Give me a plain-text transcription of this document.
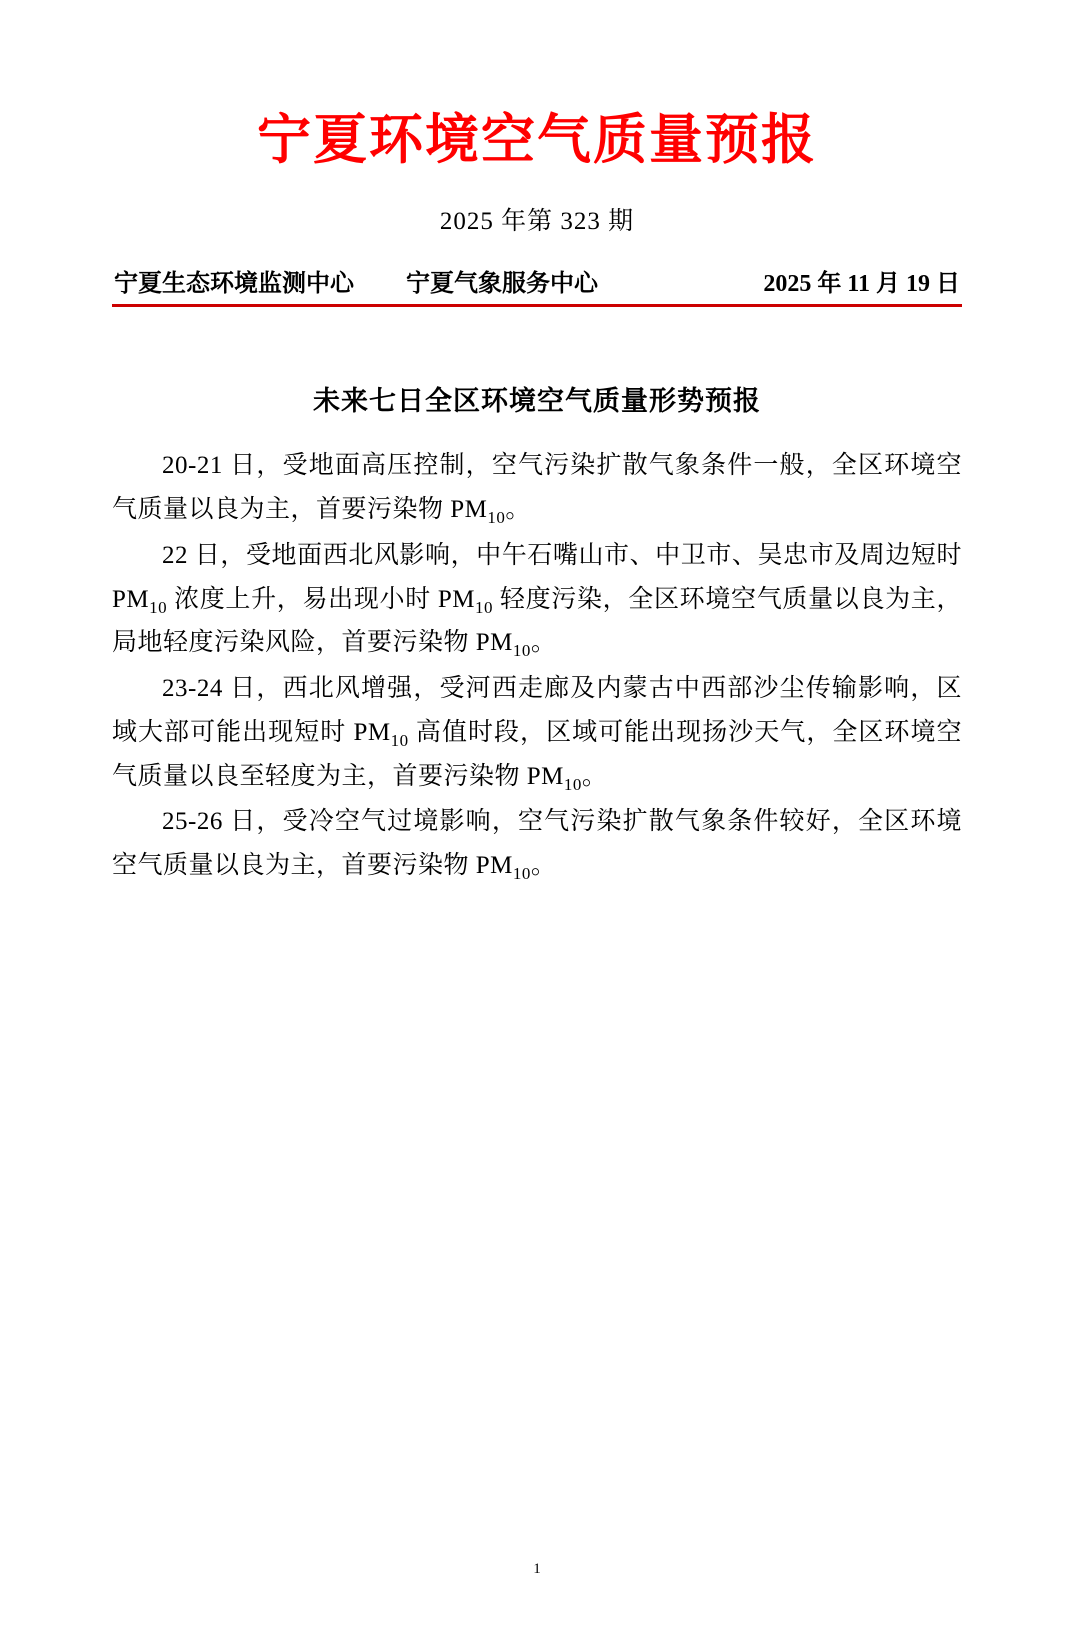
宁夏环境空气质量预报
2025 年第 323 期
宁夏生态环境监测中心 宁夏气象服务中心	2025 年 11 月 19 日
未来七日全区环境空气质量形势预报

20-21 日，受地面高压控制，空气污染扩散气象条件一般，全区环境空气质量以良为主，首要污染物 $PM_{10}$。

22 日，受地面西北风影响，中午石嘴山市、中卫市、吴忠市及周边短时 $PM_{10}$ 浓度上升，易出现小时 $PM_{10}$ 轻度污染，全区环境空气质量以良为主，局地轻度污染风险，首要污染物 $PM_{10}$。

23-24 日，西北风增强，受河西走廊及内蒙古中西部沙尘传输影响，区域大部可能出现短时 $PM_{10}$ 高值时段，区域可能出现扬沙天气，全区环境空气质量以良至轻度为主，首要污染物 $PM_{10}$。

25-26 日，受冷空气过境影响，空气污染扩散气象条件较好，全区环境空气质量以良为主，首要污染物 $PM_{10}$。

1
